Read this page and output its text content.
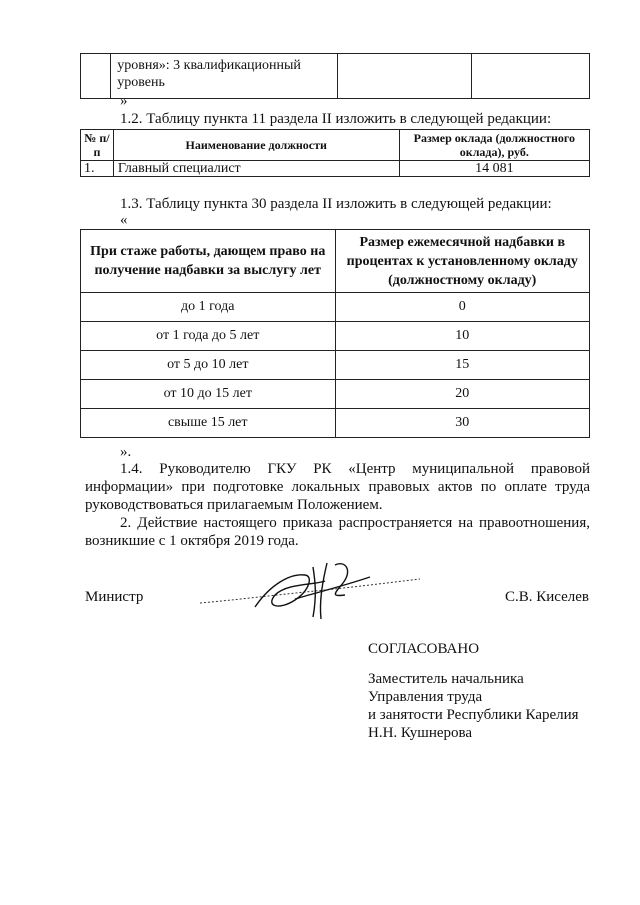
	уровня»: 3 квалификационный уровень		
»
1.2. Таблицу пункта 11 раздела II изложить в следующей редакции:
№ п/п	Наименование должности	Размер оклада (должностного оклада), руб.
1.	Главный специалист	14 081
1.3. Таблицу пункта 30 раздела II изложить в следующей редакции:
«
При стаже работы, дающем право на получение надбавки за выслугу лет	Размер ежемесячной надбавки в процентах к установленному окладу (должностному окладу)
до 1 года	0
от 1 года до 5 лет	10
от 5 до 10 лет	15
от 10 до 15 лет	20
свыше 15 лет	30
».
1.4. Руководителю ГКУ РК «Центр муниципальной правовой информации» при подготовке локальных правовых актов по оплате труда руководствоваться прилагаемым Положением.
2. Действие настоящего приказа распространяется на правоотношения, возникшие с 1 октября 2019 года.
Министр	С.В. Киселев
СОГЛАСОВАНО
Заместитель начальника
Управления труда
и занятости Республики Карелия
Н.Н. Кушнерова
